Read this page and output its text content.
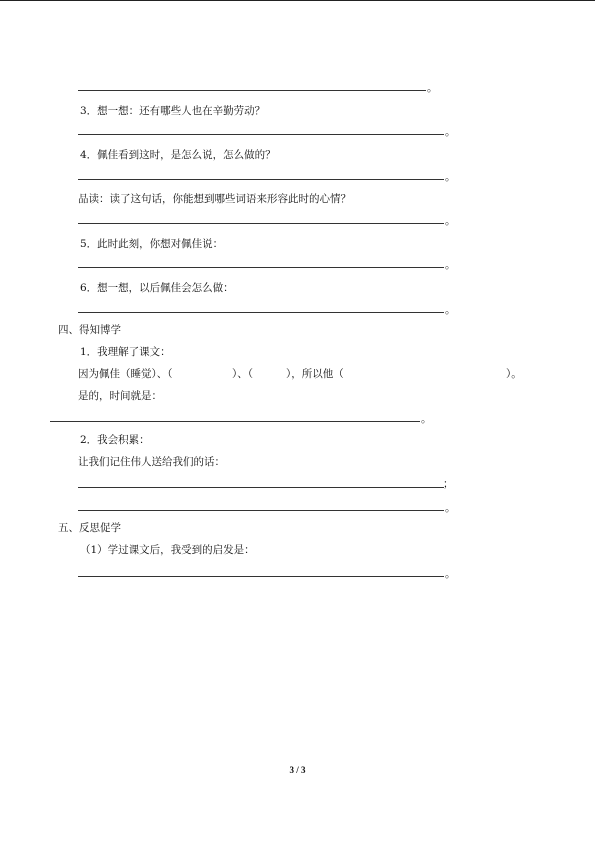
。
3．想一想：还有哪些人也在辛勤劳动？
。
4．佩佳看到这时，是怎么说，怎么做的？
。
品读：读了这句话，你能想到哪些词语来形容此时的心情？
。
5．此时此刻，你想对佩佳说：
。
6．想一想，以后佩佳会怎么做：
。
四、得知博学
1．我理解了课文：
因为佩佳（睡觉）、（	）、（	），所以他（	）。
是的，时间就是：
。
2．我会积累：
让我们记住伟人送给我们的话：
；
。
五、反思促学
（1）学过课文后，我受到的启发是：
。
3 / 3
